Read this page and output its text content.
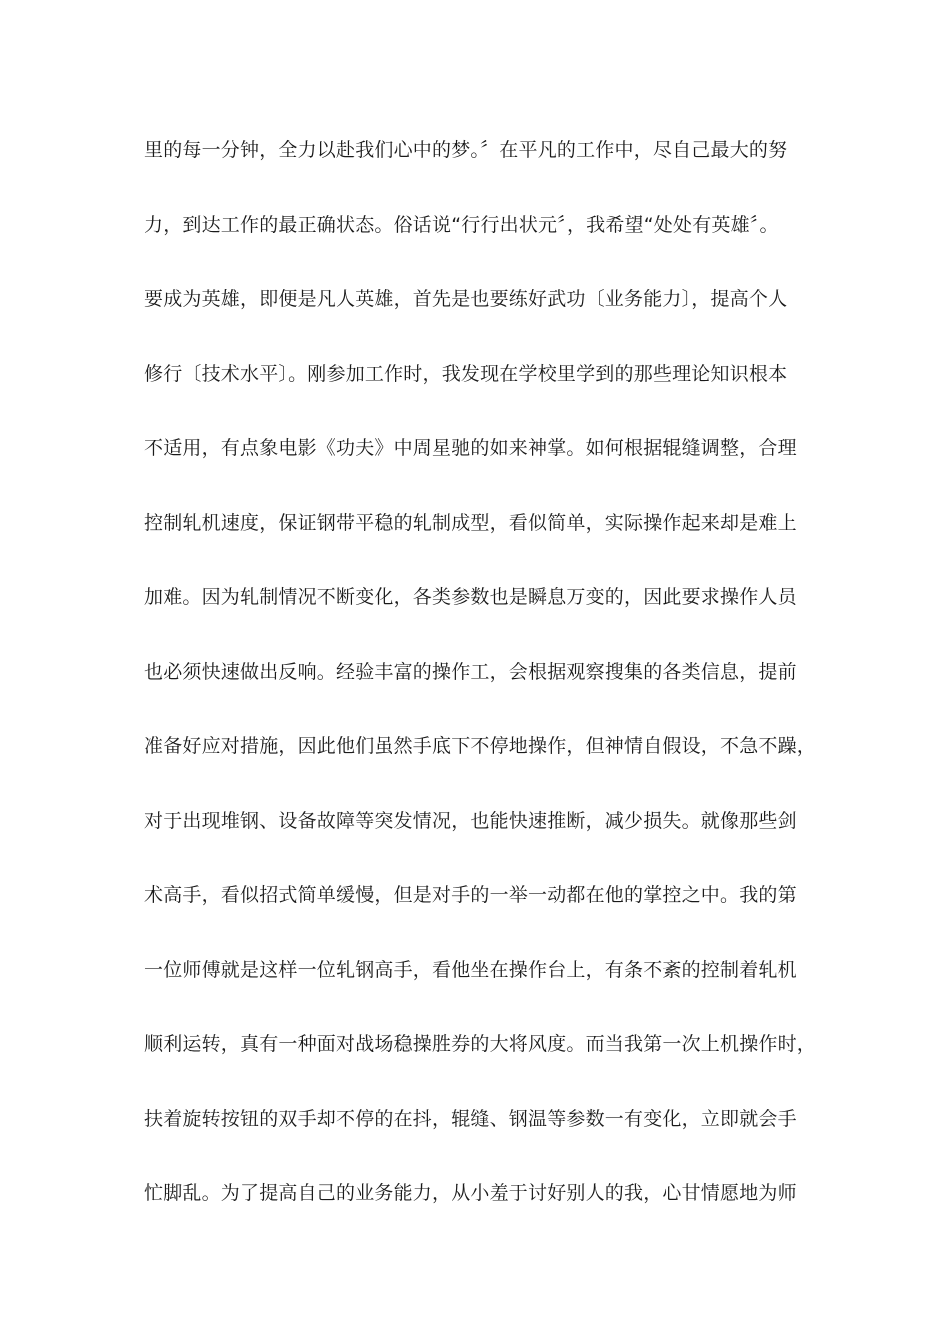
里的每一分钟，全力以赴我们心中的梦。〞在平凡的工作中，尽自己最大的努
力，到达工作的最正确状态。俗话说“行行出状元〞，我希望“处处有英雄〞。
要成为英雄，即便是凡人英雄，首先是也要练好武功〔业务能力〕，提高个人
修行〔技术水平〕。刚参加工作时，我发现在学校里学到的那些理论知识根本
不适用，有点象电影《功夫》中周星驰的如来神掌。如何根据辊缝调整，合理
控制轧机速度，保证钢带平稳的轧制成型，看似简单，实际操作起来却是难上
加难。因为轧制情况不断变化，各类参数也是瞬息万变的，因此要求操作人员
也必须快速做出反响。经验丰富的操作工，会根据观察搜集的各类信息，提前
准备好应对措施，因此他们虽然手底下不停地操作，但神情自假设，不急不躁，
对于出现堆钢、设备故障等突发情况，也能快速推断，减少损失。就像那些剑
术高手，看似招式简单缓慢，但是对手的一举一动都在他的掌控之中。我的第
一位师傅就是这样一位轧钢高手，看他坐在操作台上，有条不紊的控制着轧机
顺利运转，真有一种面对战场稳操胜券的大将风度。而当我第一次上机操作时，
扶着旋转按钮的双手却不停的在抖，辊缝、钢温等参数一有变化，立即就会手
忙脚乱。为了提高自己的业务能力，从小羞于讨好别人的我，心甘情愿地为师
